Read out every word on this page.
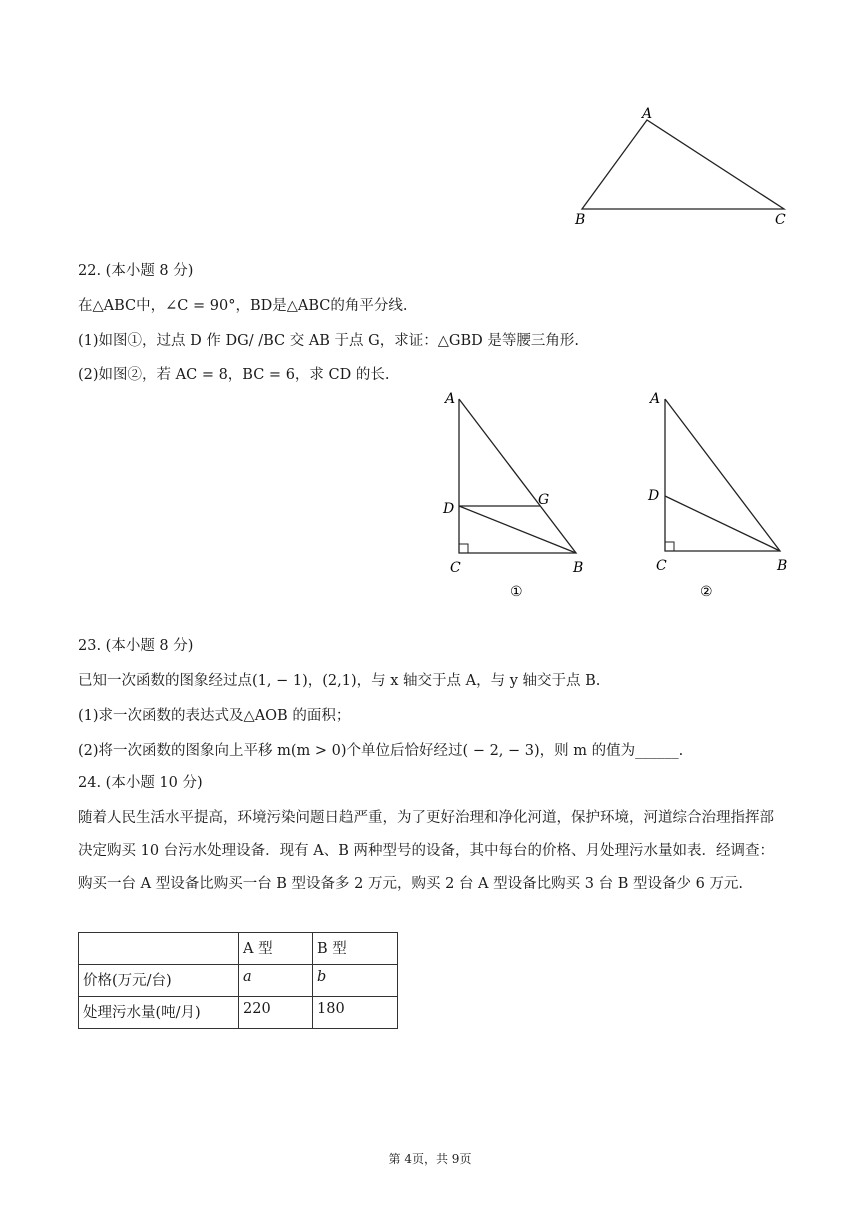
A
B	C
22. (本小题 8 分)
在△ABC中，∠C = 90°，BD是△ABC的角平分线.
(1)如图①，过点 D 作 DG/ /BC 交 AB 于点 G，求证：△GBD 是等腰三角形.
(2)如图②，若 AC = 8，BC = 6，求 CD 的长.
A
D
G
C	B
①
A
D
C	B
②
23. (本小题 8 分)
已知一次函数的图象经过点(1, − 1)，(2,1)，与 x 轴交于点 A，与 y 轴交于点 B.
(1)求一次函数的表达式及△AOB 的面积；
(2)将一次函数的图象向上平移 m(m > 0)个单位后恰好经过( − 2, − 3)，则 m 的值为______.
24. (本小题 10 分)
随着人民生活水平提高，环境污染问题日趋严重，为了更好治理和净化河道，保护环境，河道综合治理指挥部决定购买 10 台污水处理设备．现有 A、B 两种型号的设备，其中每台的价格、月处理污水量如表．经调查：购买一台 A 型设备比购买一台 B 型设备多 2 万元，购买 2 台 A 型设备比购买 3 台 B 型设备少 6 万元.
	A 型	B 型
价格(万元/台)	a	b
处理污水量(吨/月)	220	180
第 4页，共 9页
